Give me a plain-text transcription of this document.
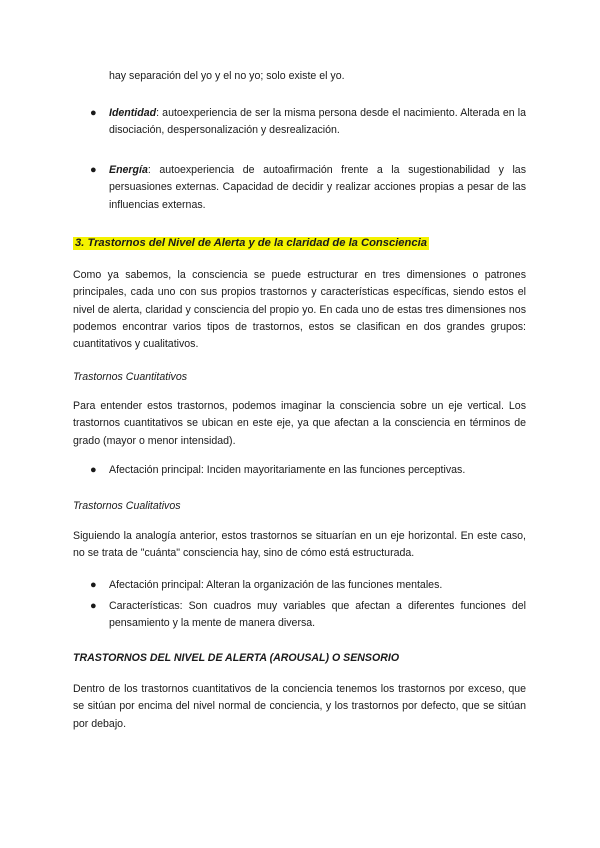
hay separación del yo y el no yo; solo existe el yo.

● Identidad: autoexperiencia de ser la misma persona desde el nacimiento. Alterada en la disociación, despersonalización y desrealización.
● Energía: autoexperiencia de autoafirmación frente a la sugestionabilidad y las persuasiones externas. Capacidad de decidir y realizar acciones propias a pesar de las influencias externas.
3. Trastornos del Nivel de Alerta y de la claridad de la Consciencia

Como ya sabemos, la consciencia se puede estructurar en tres dimensiones o patrones principales, cada uno con sus propios trastornos y características específicas, siendo estos el nivel de alerta, claridad y consciencia del propio yo. En cada uno de estas tres dimensiones nos podemos encontrar varios tipos de trastornos, estos se clasifican en dos grandes grupos: cuantitativos y cualitativos.

Trastornos Cuantitativos

Para entender estos trastornos, podemos imaginar la consciencia sobre un eje vertical. Los trastornos cuantitativos se ubican en este eje, ya que afectan a la consciencia en términos de grado (mayor o menor intensidad).

● Afectación principal: Inciden mayoritariamente en las funciones perceptivas.

Trastornos Cualitativos

Siguiendo la analogía anterior, estos trastornos se situarían en un eje horizontal. En este caso, no se trata de "cuánta" consciencia hay, sino de cómo está estructurada.

● Afectación principal: Alteran la organización de las funciones mentales.
● Características: Son cuadros muy variables que afectan a diferentes funciones del pensamiento y la mente de manera diversa.

TRASTORNOS DEL NIVEL DE ALERTA (AROUSAL) O SENSORIO

Dentro de los trastornos cuantitativos de la conciencia tenemos los trastornos por exceso, que se sitúan por encima del nivel normal de conciencia, y los trastornos por defecto, que se sitúan por debajo.
